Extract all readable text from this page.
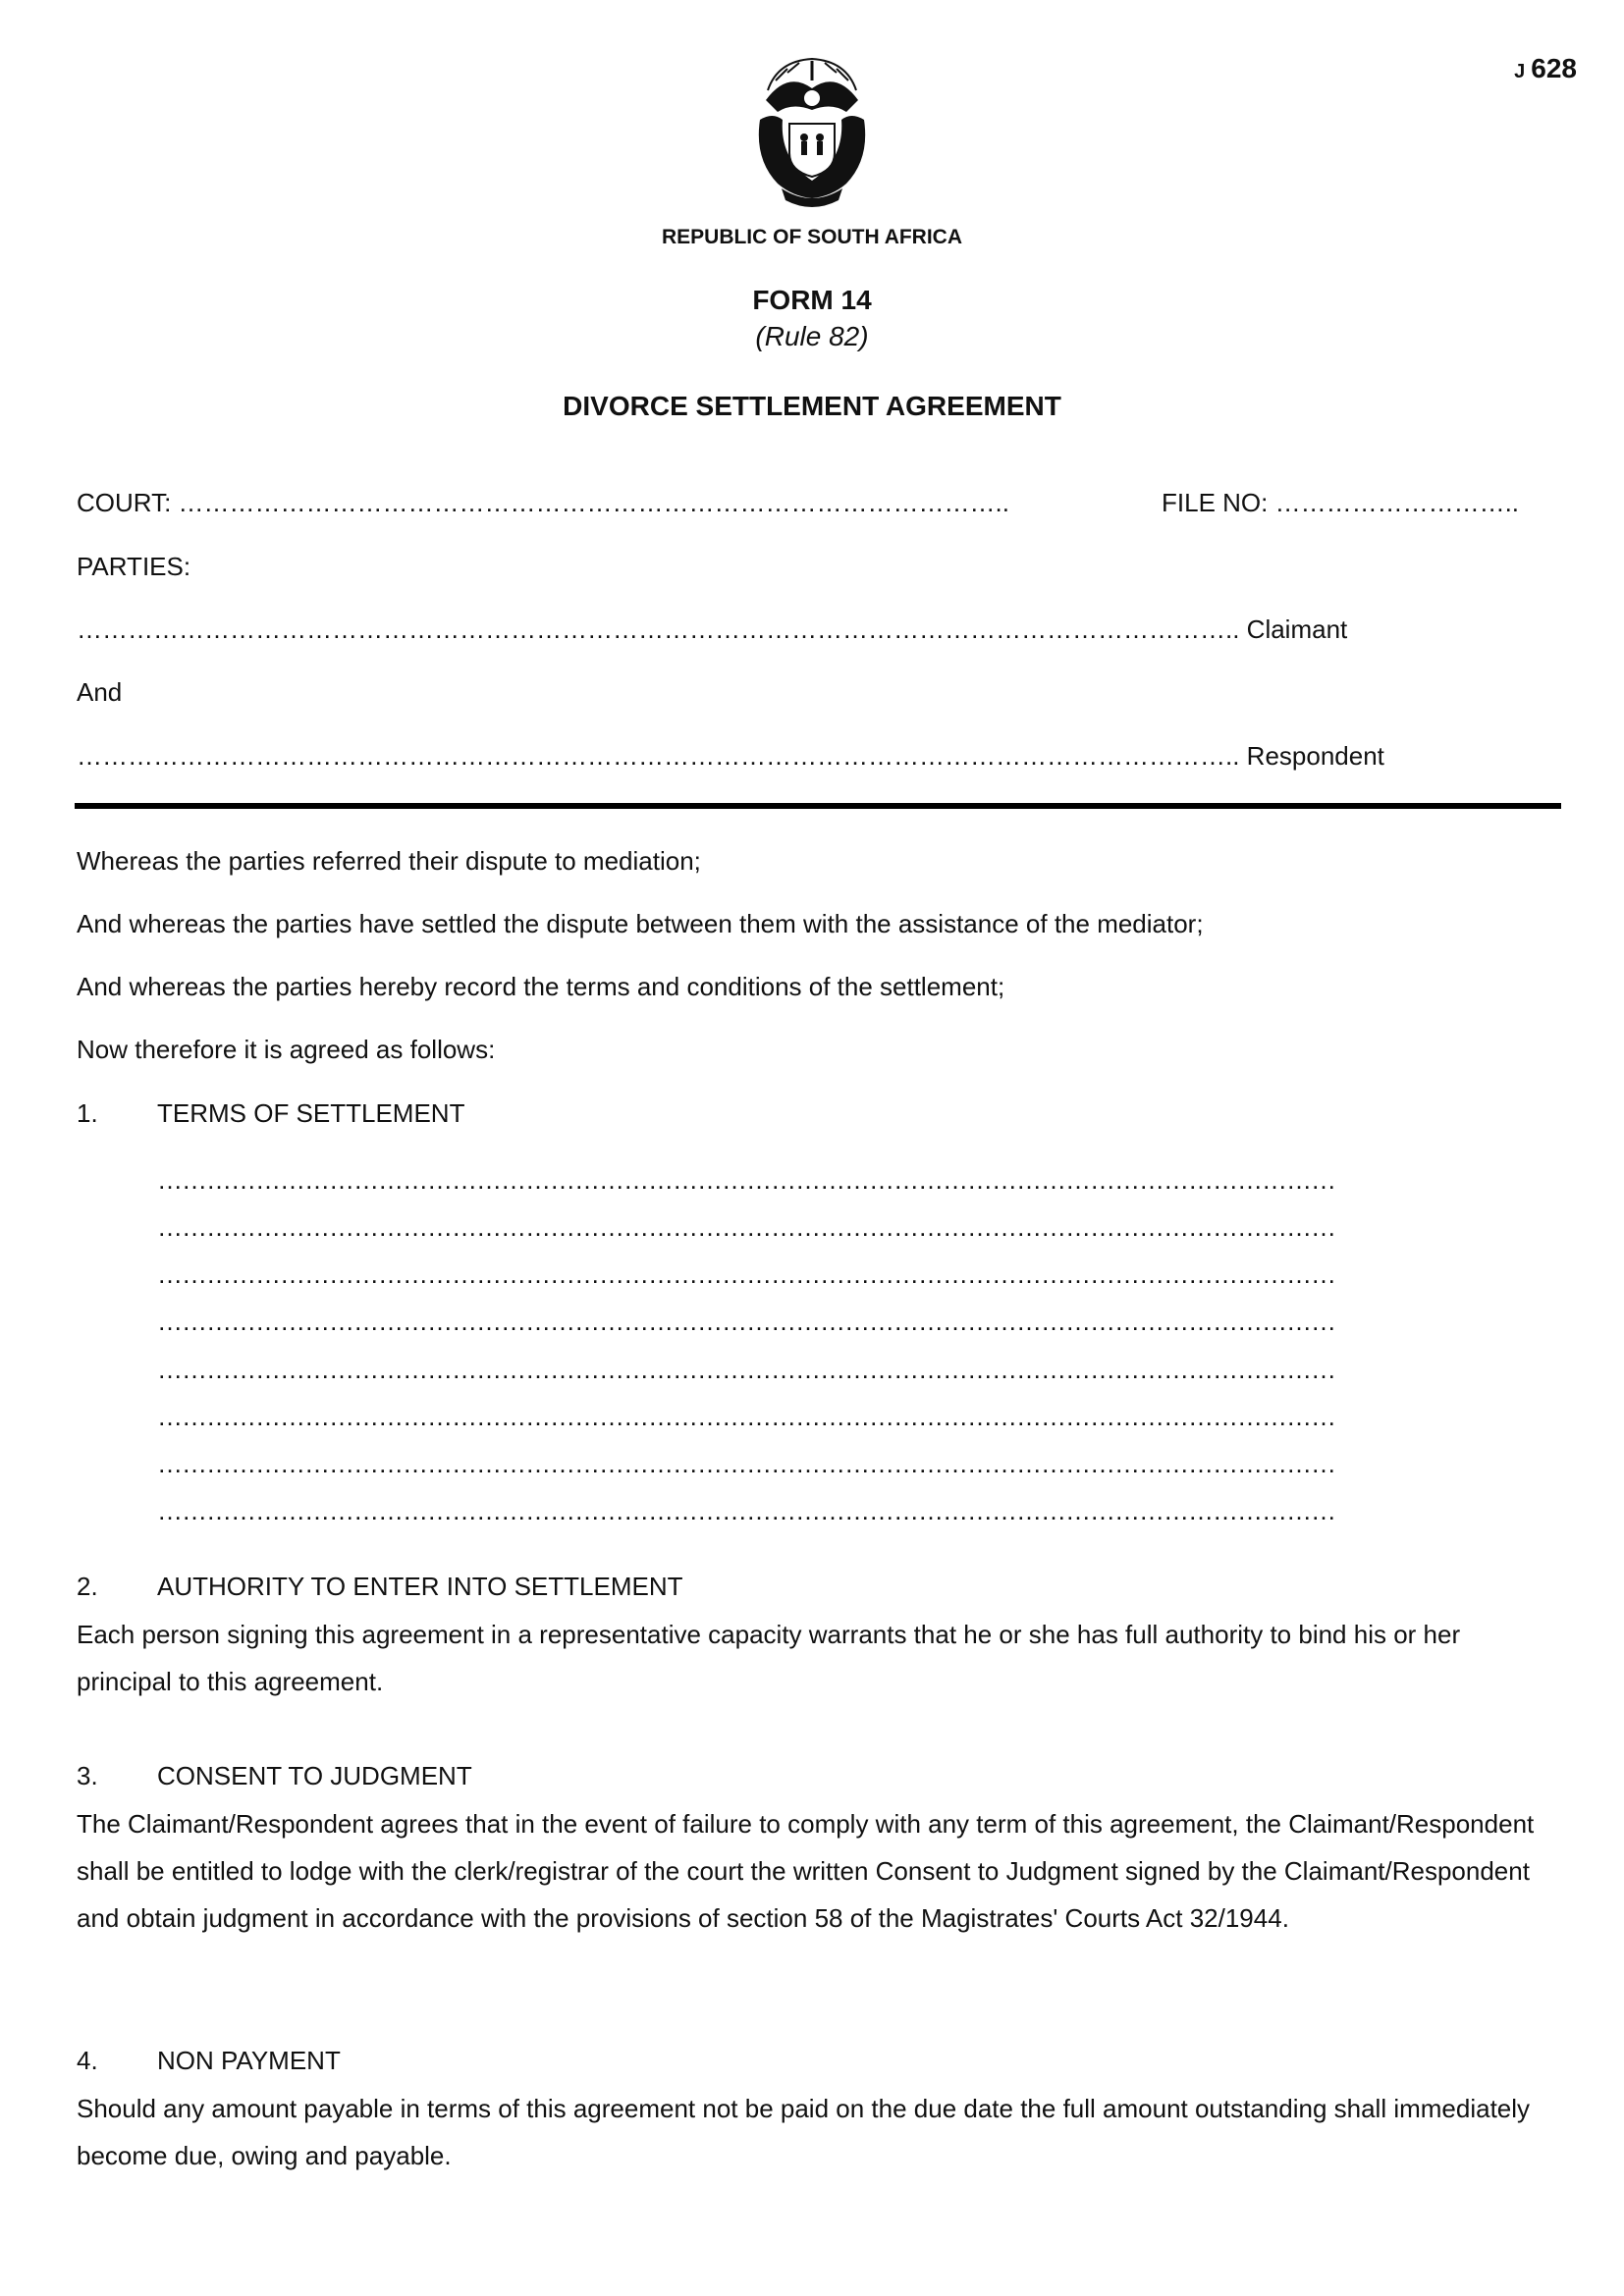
J 628
REPUBLIC OF SOUTH AFRICA
FORM 14
(Rule 82)
DIVORCE SETTLEMENT AGREEMENT
COURT: ……………………………………………………………………………………..	FILE NO: ………………………..
PARTIES:
……………………………………………………………………………………………………………………….. Claimant
And
……………………………………………………………………………………………………………………….. Respondent
Whereas the parties referred their dispute to mediation;
And whereas the parties have settled the dispute between them with the assistance of the mediator;
And whereas the parties hereby record the terms and conditions of the settlement;
Now therefore it is agreed as follows:
1. TERMS OF SETTLEMENT
………………………………………………………………………………………………………………………………
………………………………………………………………………………………………………………………………
………………………………………………………………………………………………………………………………
………………………………………………………………………………………………………………………………
………………………………………………………………………………………………………………………………
………………………………………………………………………………………………………………………………
………………………………………………………………………………………………………………………………
………………………………………………………………………………………………………………………………
2. AUTHORITY TO ENTER INTO SETTLEMENT
Each person signing this agreement in a representative capacity warrants that he or she has full authority to bind his or her principal to this agreement.
3. CONSENT TO JUDGMENT
The Claimant/Respondent agrees that in the event of failure to comply with any term of this agreement, the Claimant/Respondent shall be entitled to lodge with the clerk/registrar of the court the written Consent to Judgment signed by the Claimant/Respondent and obtain judgment in accordance with the provisions of section 58 of the Magistrates' Courts Act 32/1944.
4. NON PAYMENT
Should any amount payable in terms of this agreement not be paid on the due date the full amount outstanding shall immediately become due, owing and payable.
